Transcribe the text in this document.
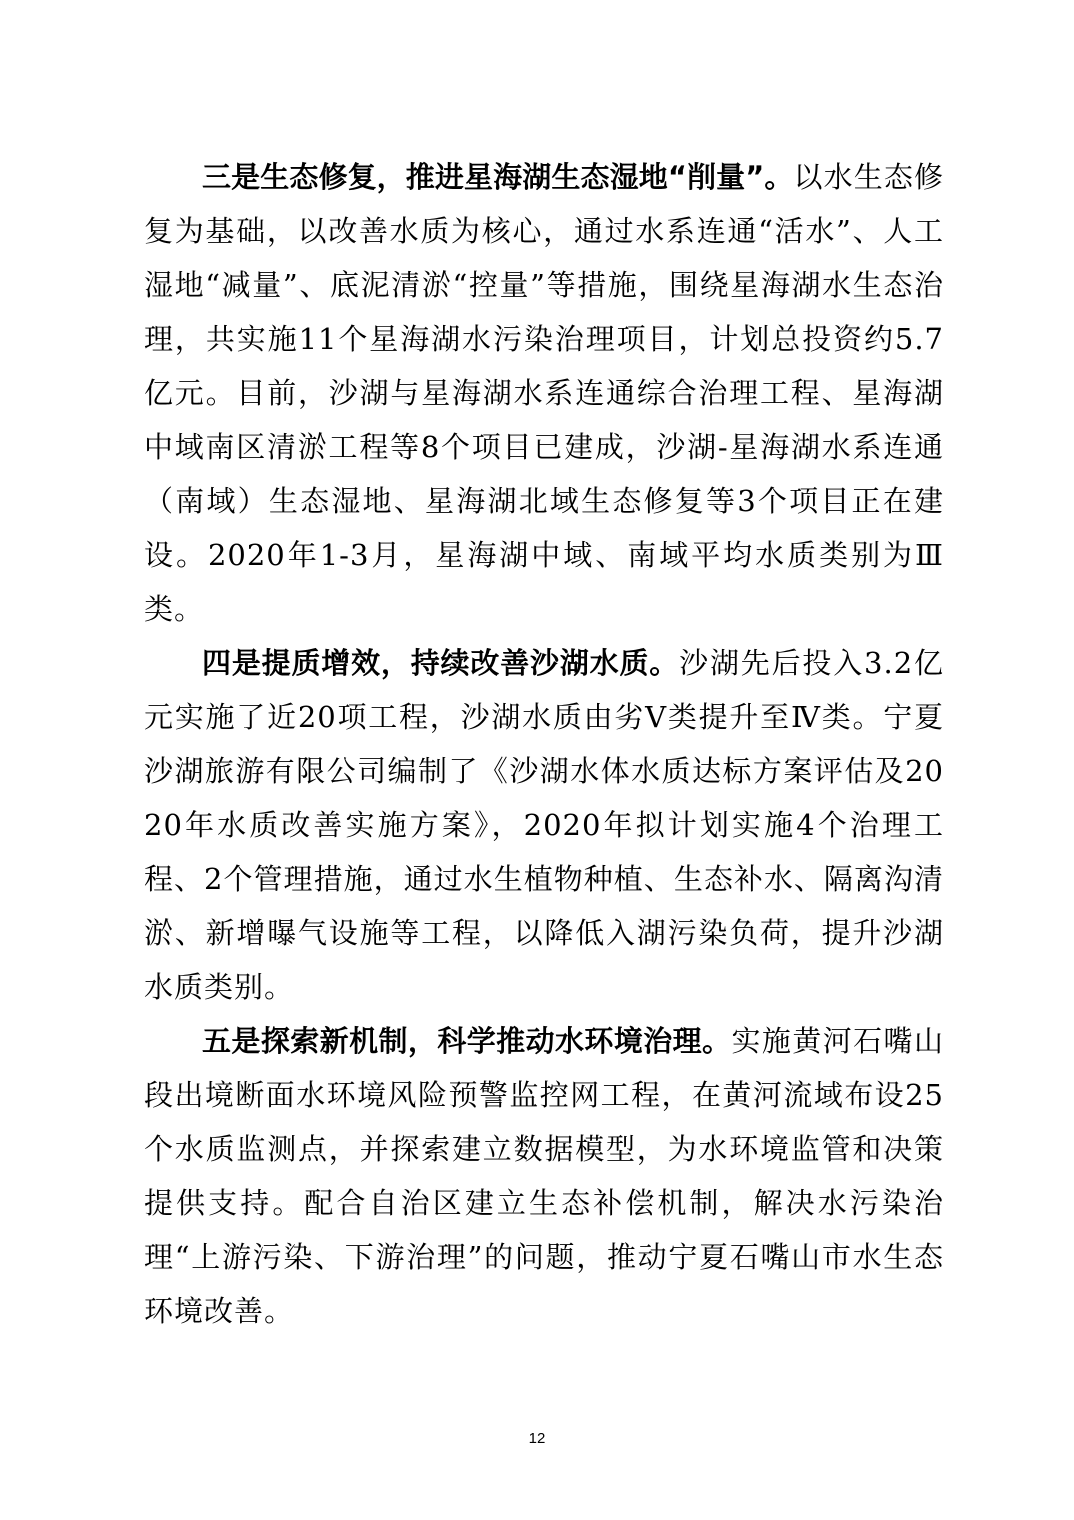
三是生态修复，推进星海湖生态湿地“削量”。以水生态修复为基础，以改善水质为核心，通过水系连通“活水”、人工湿地“减量”、底泥清淤“控量”等措施，围绕星海湖水生态治理，共实施11个星海湖水污染治理项目，计划总投资约5.7亿元。目前，沙湖与星海湖水系连通综合治理工程、星海湖中域南区清淤工程等8个项目已建成，沙湖-星海湖水系连通（南域）生态湿地、星海湖北域生态修复等3个项目正在建设。2020年1-3月，星海湖中域、南域平均水质类别为Ⅲ类。

四是提质增效，持续改善沙湖水质。沙湖先后投入3.2亿元实施了近20项工程，沙湖水质由劣Ⅴ类提升至Ⅳ类。宁夏沙湖旅游有限公司编制了《沙湖水体水质达标方案评估及2020年水质改善实施方案》，2020年拟计划实施4个治理工程、2个管理措施，通过水生植物种植、生态补水、隔离沟清淤、新增曝气设施等工程，以降低入湖污染负荷，提升沙湖水质类别。

五是探索新机制，科学推动水环境治理。实施黄河石嘴山段出境断面水环境风险预警监控网工程，在黄河流域布设25个水质监测点，并探索建立数据模型，为水环境监管和决策提供支持。配合自治区建立生态补偿机制，解决水污染治理“上游污染、下游治理”的问题，推动宁夏石嘴山市水生态环境改善。

12
